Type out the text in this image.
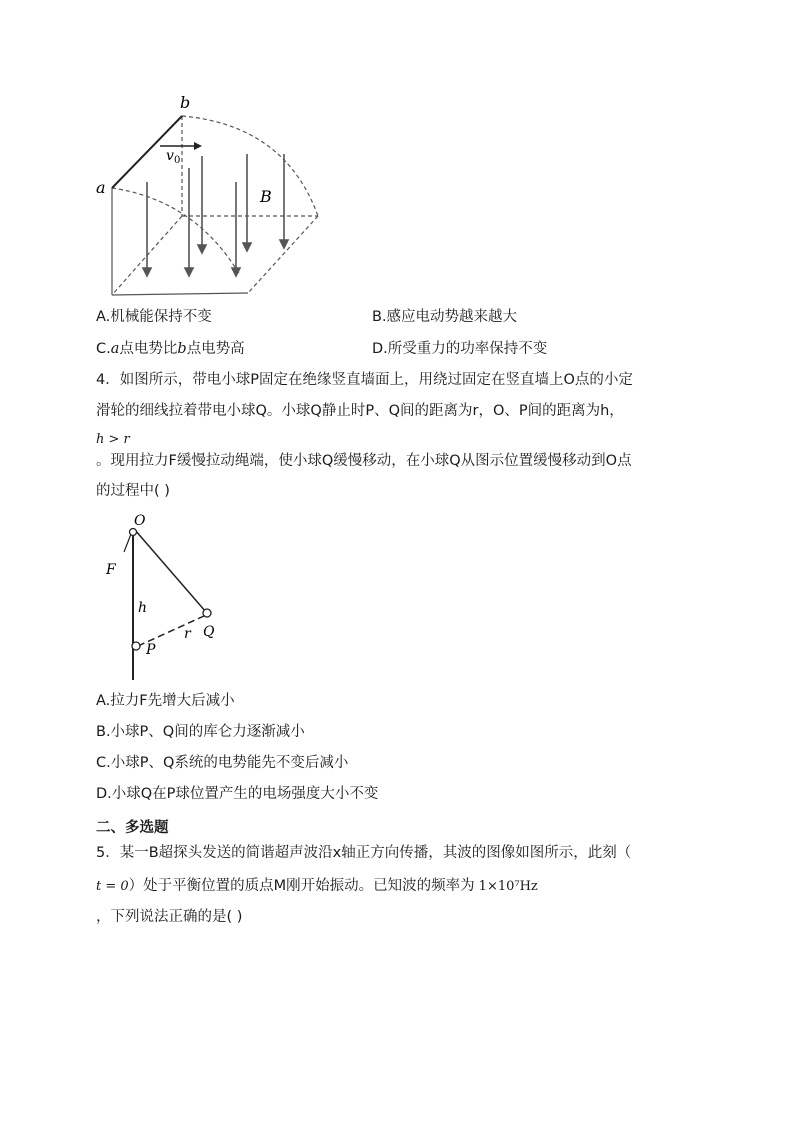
a
b
v 0
B
A.机械能保持不变	B.感应电动势越来越大
C.a点电势比b点电势高	D.所受重力的功率保持不变
4．如图所示，带电小球P固定在绝缘竖直墙面上，用绕过固定在竖直墙上O点的小定
滑轮的细线拉着带电小球Q。小球Q静止时P、Q间的距离为r，O、P间的距离为h，
h > r
。现用拉力F缓慢拉动绳端，使小球Q缓慢移动，在小球Q从图示位置缓慢移动到O点
的过程中( )
O
F
h
Q
r
P
A.拉力F先增大后减小
B.小球P、Q间的库仑力逐渐减小
C.小球P、Q系统的电势能先不变后减小
D.小球Q在P球位置产生的电场强度大小不变
二、多选题
5．某一B超探头发送的简谐超声波沿x轴正方向传播，其波的图像如图所示，此刻（
t = 0）处于平衡位置的质点M刚开始振动。已知波的频率为 1×10⁷Hz
，下列说法正确的是( )
